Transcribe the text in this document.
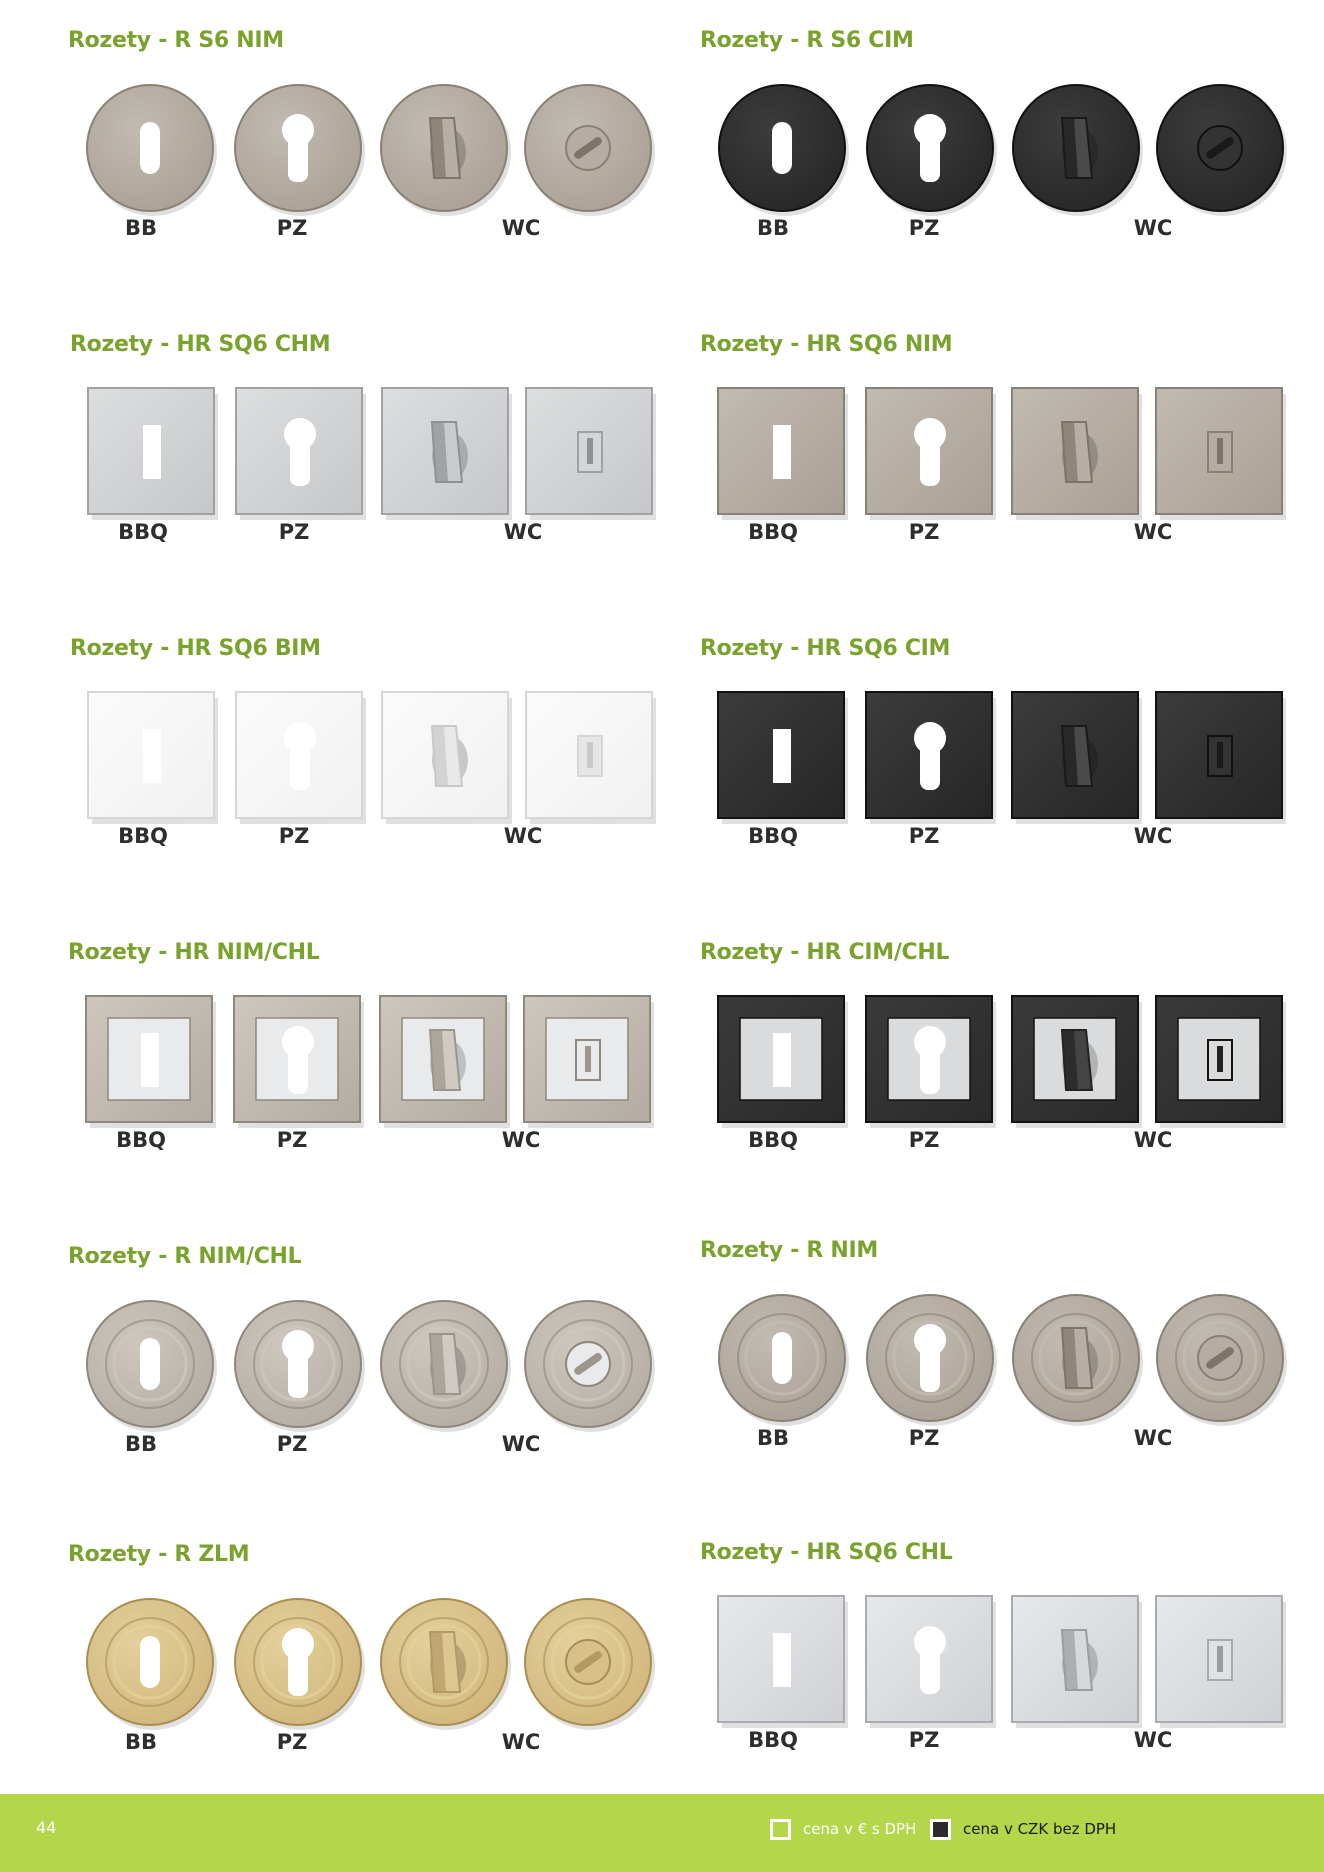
Rozety - R S6 NIM
BB	PZ	WC
Rozety - R S6 CIM
BB	PZ	WC
Rozety - HR SQ6 CHM
BBQ	PZ	WC
Rozety - HR SQ6 NIM
BBQ	PZ	WC
Rozety - HR SQ6 BIM
BBQ	PZ	WC
Rozety - HR SQ6 CIM
BBQ	PZ	WC
Rozety - HR NIM/CHL
BBQ	PZ	WC
Rozety - HR CIM/CHL
BBQ	PZ	WC
Rozety - R NIM/CHL
BB	PZ	WC
Rozety - R NIM
BB	PZ	WC
Rozety - R ZLM
BB	PZ	WC
Rozety - HR SQ6 CHL
BBQ	PZ	WC
44	cena v € s DPH	cena v CZK bez DPH
